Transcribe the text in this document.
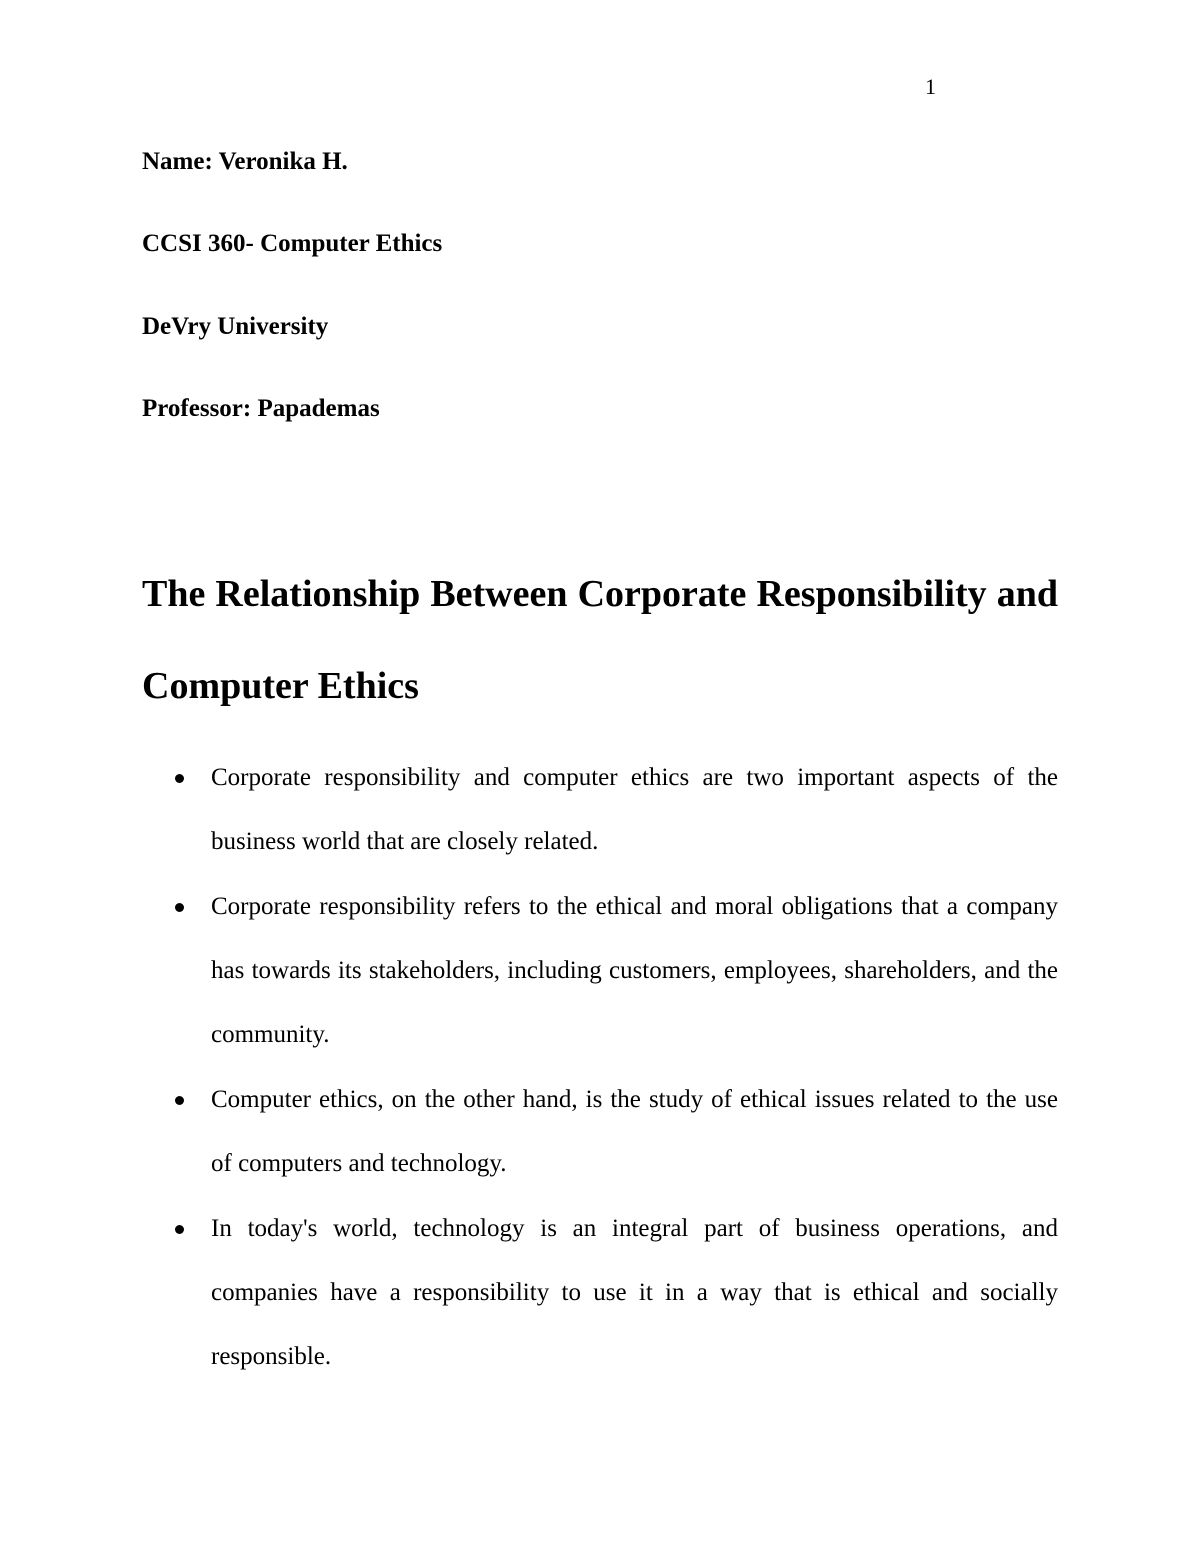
1
Name: Veronika H.
CCSI 360- Computer Ethics
DeVry University
Professor: Papademas
The Relationship Between Corporate Responsibility and Computer Ethics
Corporate responsibility and computer ethics are two important aspects of the business world that are closely related.
Corporate responsibility refers to the ethical and moral obligations that a company has towards its stakeholders, including customers, employees, shareholders, and the community.
Computer ethics, on the other hand, is the study of ethical issues related to the use of computers and technology.
In today's world, technology is an integral part of business operations, and companies have a responsibility to use it in a way that is ethical and socially responsible.
